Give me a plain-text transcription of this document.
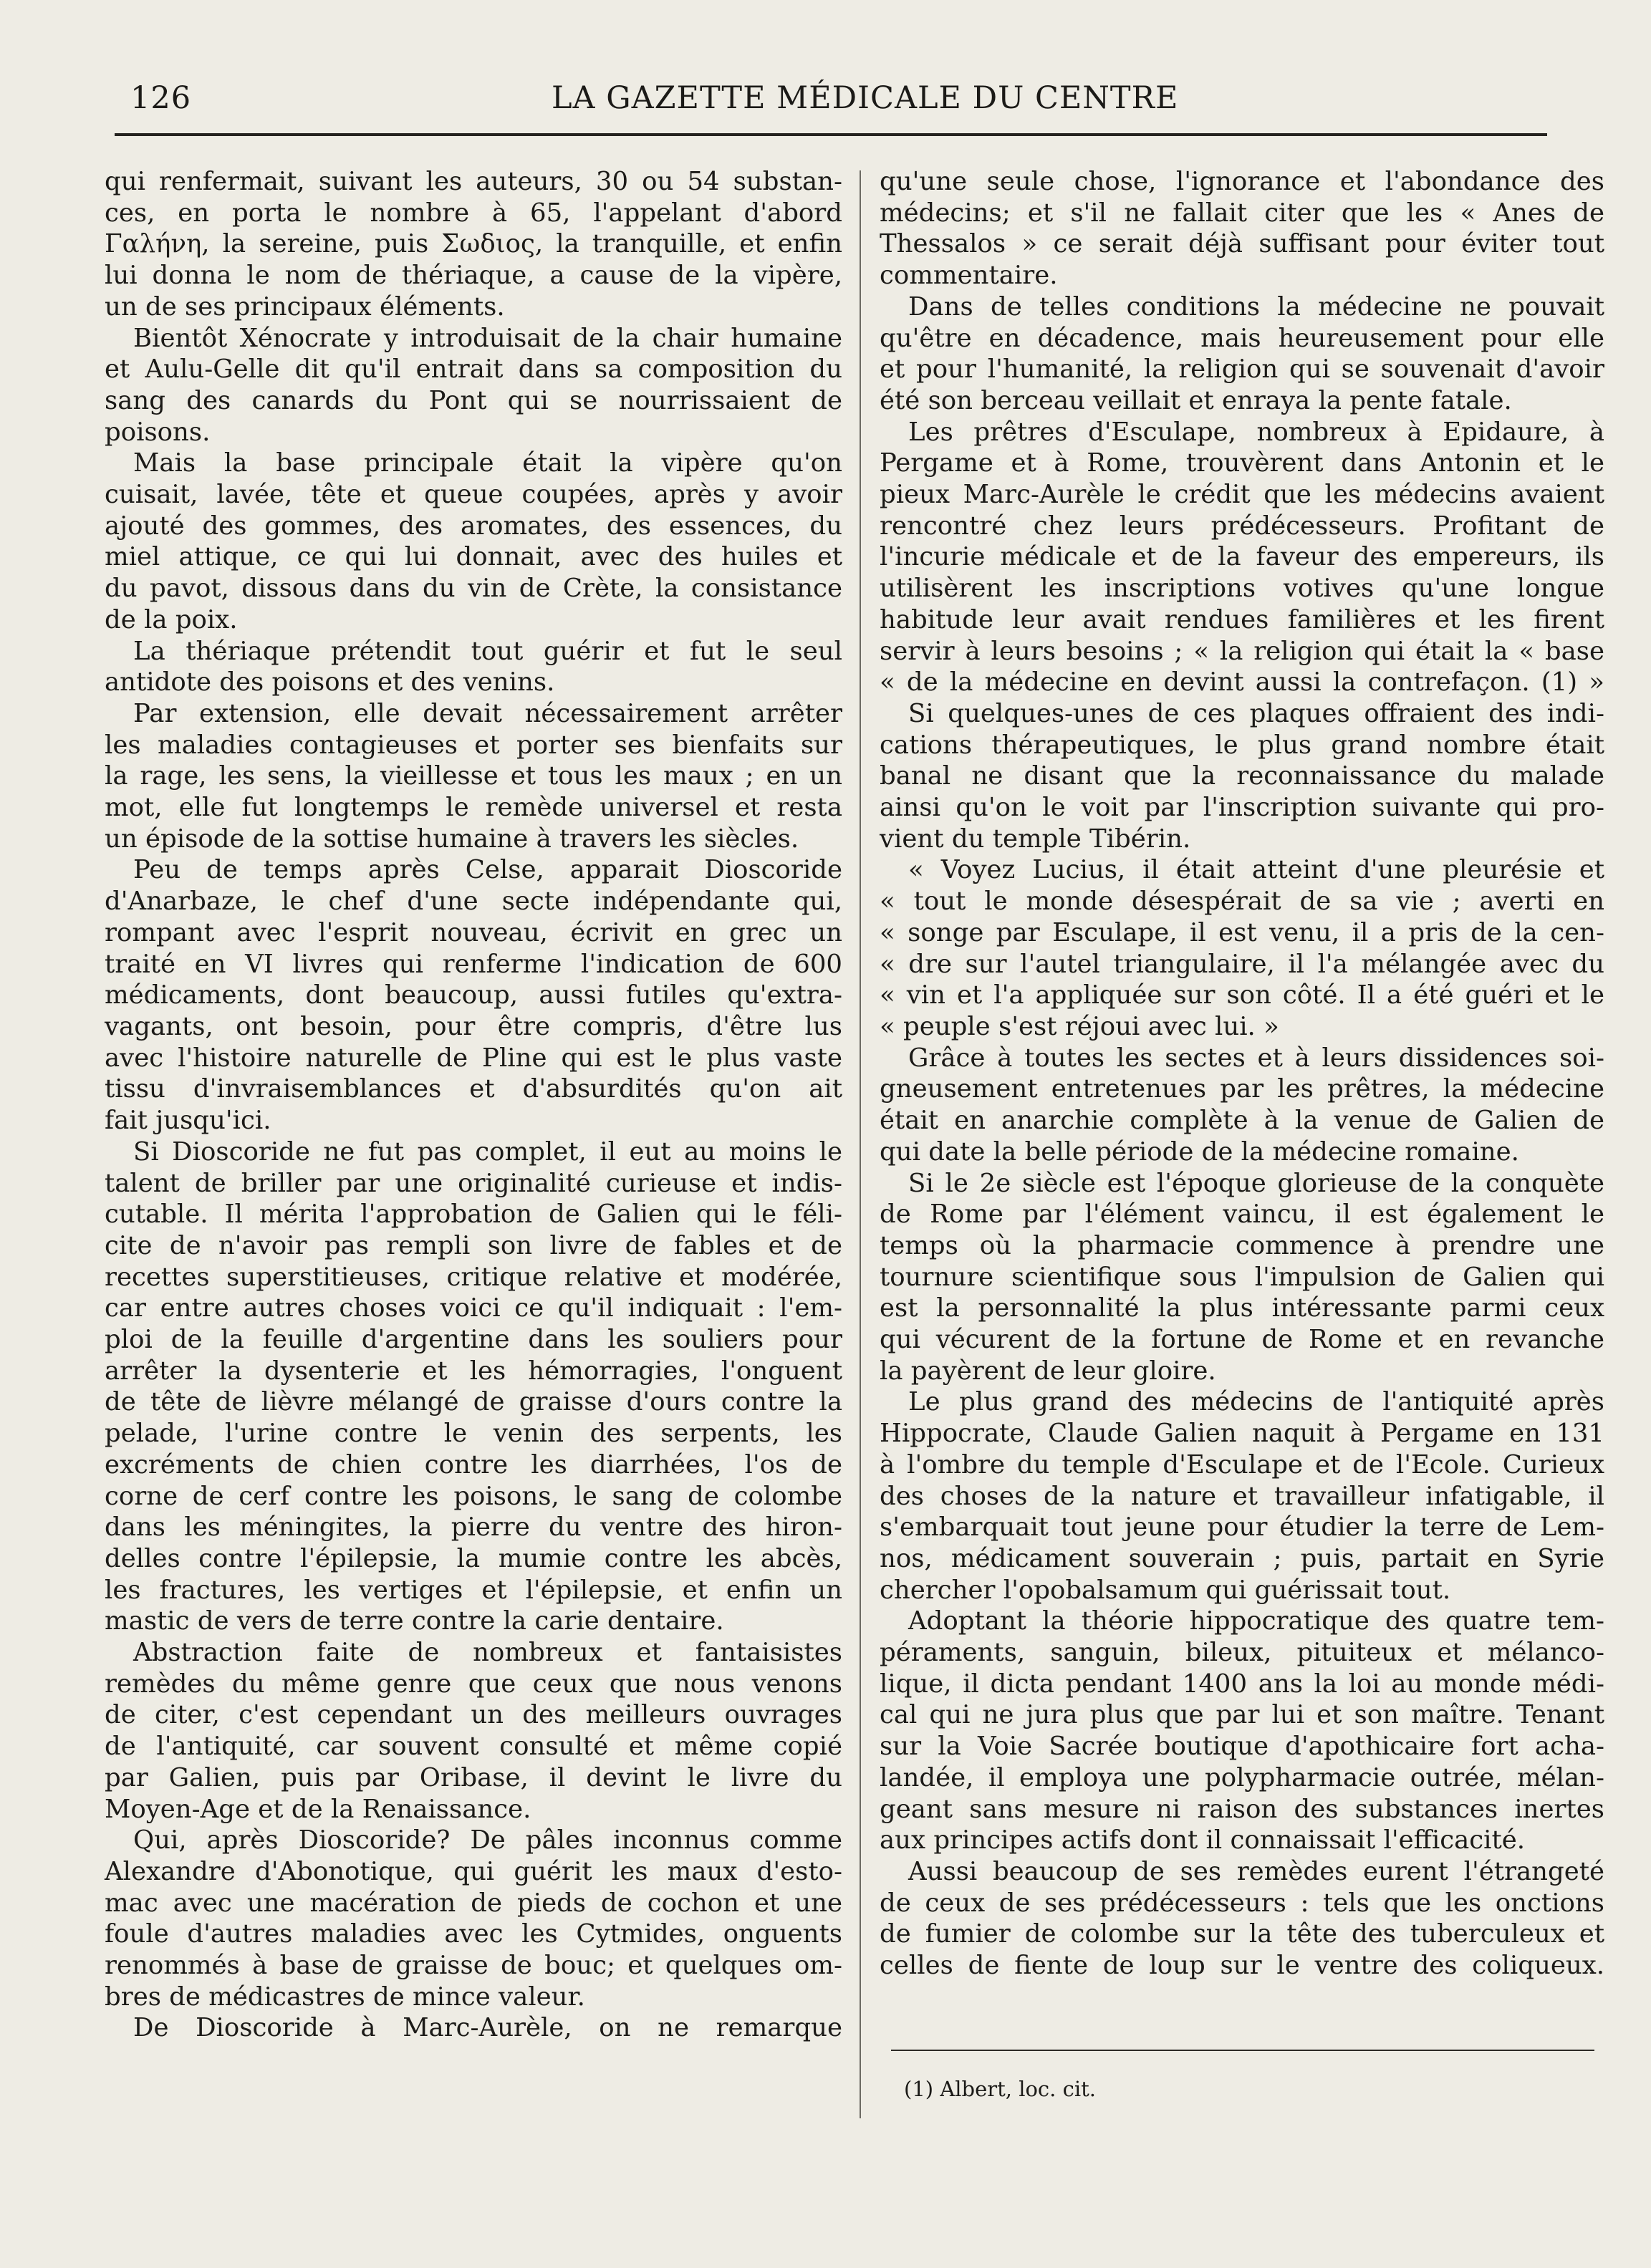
126	LA GAZETTE MÉDICALE DU CENTRE
qui renfermait, suivant les auteurs, 30 ou 54 substan-
ces, en porta le nombre à 65, l'appelant d'abord
Γαλήνη, la sereine, puis Σωδιος, la tranquille, et enfin
lui donna le nom de thériaque, a cause de la vipère,
un de ses principaux éléments.
Bientôt Xénocrate y introduisait de la chair humaine
et Aulu-Gelle dit qu'il entrait dans sa composition du
sang des canards du Pont qui se nourrissaient de
poisons.
Mais la base principale était la vipère qu'on
cuisait, lavée, tête et queue coupées, après y avoir
ajouté des gommes, des aromates, des essences, du
miel attique, ce qui lui donnait, avec des huiles et
du pavot, dissous dans du vin de Crète, la consistance
de la poix.
La thériaque prétendit tout guérir et fut le seul
antidote des poisons et des venins.
Par extension, elle devait nécessairement arrêter
les maladies contagieuses et porter ses bienfaits sur
la rage, les sens, la vieillesse et tous les maux ; en un
mot, elle fut longtemps le remède universel et resta
un épisode de la sottise humaine à travers les siècles.
Peu de temps après Celse, apparait Dioscoride
d'Anarbaze, le chef d'une secte indépendante qui,
rompant avec l'esprit nouveau, écrivit en grec un
traité en VI livres qui renferme l'indication de 600
médicaments, dont beaucoup, aussi futiles qu'extra-
vagants, ont besoin, pour être compris, d'être lus
avec l'histoire naturelle de Pline qui est le plus vaste
tissu d'invraisemblances et d'absurdités qu'on ait
fait jusqu'ici.
Si Dioscoride ne fut pas complet, il eut au moins le
talent de briller par une originalité curieuse et indis-
cutable. Il mérita l'approbation de Galien qui le féli-
cite de n'avoir pas rempli son livre de fables et de
recettes superstitieuses, critique relative et modérée,
car entre autres choses voici ce qu'il indiquait : l'em-
ploi de la feuille d'argentine dans les souliers pour
arrêter la dysenterie et les hémorragies, l'onguent
de tête de lièvre mélangé de graisse d'ours contre la
pelade, l'urine contre le venin des serpents, les
excréments de chien contre les diarrhées, l'os de
corne de cerf contre les poisons, le sang de colombe
dans les méningites, la pierre du ventre des hiron-
delles contre l'épilepsie, la mumie contre les abcès,
les fractures, les vertiges et l'épilepsie, et enfin un
mastic de vers de terre contre la carie dentaire.
Abstraction faite de nombreux et fantaisistes
remèdes du même genre que ceux que nous venons
de citer, c'est cependant un des meilleurs ouvrages
de l'antiquité, car souvent consulté et même copié
par Galien, puis par Oribase, il devint le livre du
Moyen-Age et de la Renaissance.
Qui, après Dioscoride? De pâles inconnus comme
Alexandre d'Abonotique, qui guérit les maux d'esto-
mac avec une macération de pieds de cochon et une
foule d'autres maladies avec les Cytmides, onguents
renommés à base de graisse de bouc; et quelques om-
bres de médicastres de mince valeur.
De Dioscoride à Marc-Aurèle, on ne remarque
qu'une seule chose, l'ignorance et l'abondance des
médecins; et s'il ne fallait citer que les « Anes de
Thessalos » ce serait déjà suffisant pour éviter tout
commentaire.
Dans de telles conditions la médecine ne pouvait
qu'être en décadence, mais heureusement pour elle
et pour l'humanité, la religion qui se souvenait d'avoir
été son berceau veillait et enraya la pente fatale.
Les prêtres d'Esculape, nombreux à Epidaure, à
Pergame et à Rome, trouvèrent dans Antonin et le
pieux Marc-Aurèle le crédit que les médecins avaient
rencontré chez leurs prédécesseurs. Profitant de
l'incurie médicale et de la faveur des empereurs, ils
utilisèrent les inscriptions votives qu'une longue
habitude leur avait rendues familières et les firent
servir à leurs besoins ; « la religion qui était la « base
« de la médecine en devint aussi la contrefaçon. (1) »
Si quelques-unes de ces plaques offraient des indi-
cations thérapeutiques, le plus grand nombre était
banal ne disant que la reconnaissance du malade
ainsi qu'on le voit par l'inscription suivante qui pro-
vient du temple Tibérin.
« Voyez Lucius, il était atteint d'une pleurésie et
« tout le monde désespérait de sa vie ; averti en
« songe par Esculape, il est venu, il a pris de la cen-
« dre sur l'autel triangulaire, il l'a mélangée avec du
« vin et l'a appliquée sur son côté. Il a été guéri et le
« peuple s'est réjoui avec lui. »
Grâce à toutes les sectes et à leurs dissidences soi-
gneusement entretenues par les prêtres, la médecine
était en anarchie complète à la venue de Galien de
qui date la belle période de la médecine romaine.
Si le 2e siècle est l'époque glorieuse de la conquète
de Rome par l'élément vaincu, il est également le
temps où la pharmacie commence à prendre une
tournure scientifique sous l'impulsion de Galien qui
est la personnalité la plus intéressante parmi ceux
qui vécurent de la fortune de Rome et en revanche
la payèrent de leur gloire.
Le plus grand des médecins de l'antiquité après
Hippocrate, Claude Galien naquit à Pergame en 131
à l'ombre du temple d'Esculape et de l'Ecole. Curieux
des choses de la nature et travailleur infatigable, il
s'embarquait tout jeune pour étudier la terre de Lem-
nos, médicament souverain ; puis, partait en Syrie
chercher l'opobalsamum qui guérissait tout.
Adoptant la théorie hippocratique des quatre tem-
péraments, sanguin, bileux, pituiteux et mélanco-
lique, il dicta pendant 1400 ans la loi au monde médi-
cal qui ne jura plus que par lui et son maître. Tenant
sur la Voie Sacrée boutique d'apothicaire fort acha-
landée, il employa une polypharmacie outrée, mélan-
geant sans mesure ni raison des substances inertes
aux principes actifs dont il connaissait l'efficacité.
Aussi beaucoup de ses remèdes eurent l'étrangeté
de ceux de ses prédécesseurs : tels que les onctions
de fumier de colombe sur la tête des tuberculeux et
celles de fiente de loup sur le ventre des coliqueux.
(1) Albert, loc. cit.
